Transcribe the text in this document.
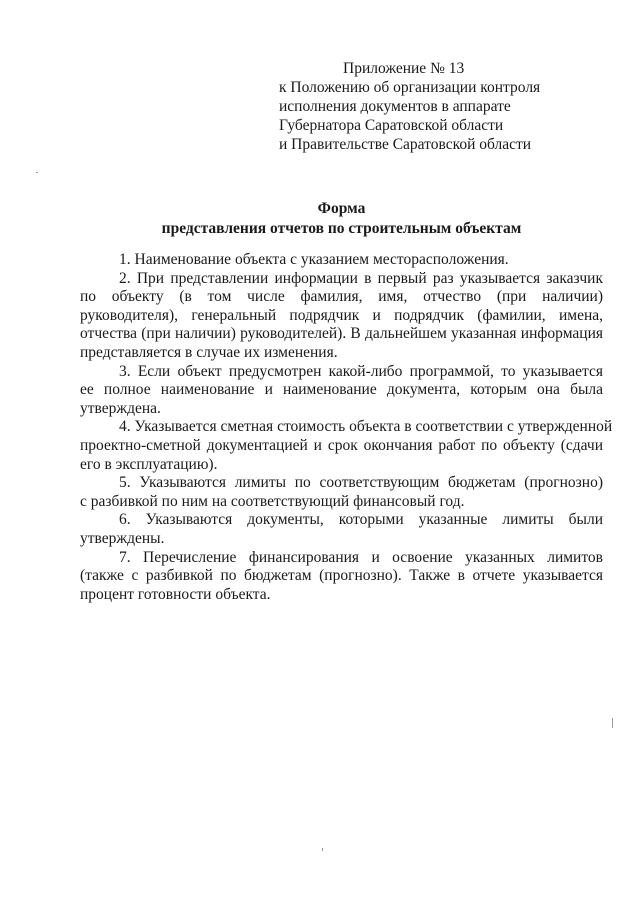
Приложение № 13
к Положению об организации контроля
исполнения документов в аппарате
Губернатора Саратовской области
и Правительстве Саратовской области
Форма
представления отчетов по строительным объектам
1. Наименование объекта с указанием месторасположения.
2. При представлении информации в первый раз указывается заказчик
по объекту (в том числе фамилия, имя, отчество (при наличии)
руководителя), генеральный подрядчик и подрядчик (фамилии, имена,
отчества (при наличии) руководителей). В дальнейшем указанная информация
представляется в случае их изменения.
3. Если объект предусмотрен какой-либо программой, то указывается
ее полное наименование и наименование документа, которым она была
утверждена.
4. Указывается сметная стоимость объекта в соответствии с утвержденной
проектно-сметной документацией и срок окончания работ по объекту (сдачи
его в эксплуатацию).
5. Указываются лимиты по соответствующим бюджетам (прогнозно)
с разбивкой по ним на соответствующий финансовый год.
6. Указываются документы, которыми указанные лимиты были
утверждены.
7. Перечисление финансирования и освоение указанных лимитов
(также с разбивкой по бюджетам (прогнозно). Также в отчете указывается
процент готовности объекта.
